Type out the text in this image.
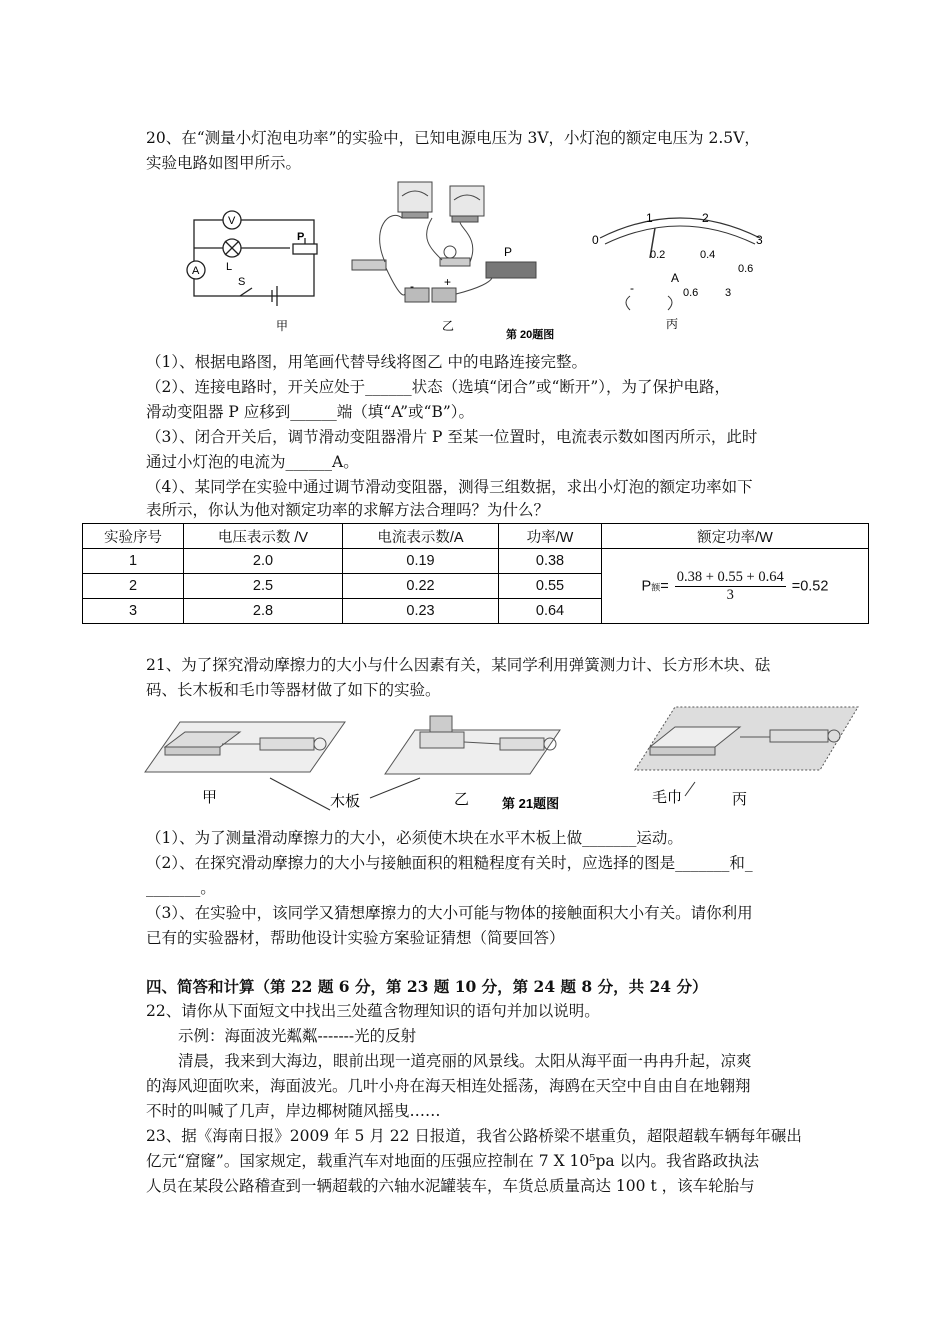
20、在“测量小灯泡电功率”的实验中，已知电源电压为 3V，小灯泡的额定电压为 2.5V，
实验电路如图甲所示。
V
A L
S
P
甲
-	+
P
乙
第 20题图
0
1	2
3
0.2	0.4
0.6
A
0.6 3
-
丙
（1）、根据电路图，用笔画代替导线将图乙 中的电路连接完整。
（2）、连接电路时，开关应处于______状态（选填“闭合”或“断开”），为了保护电路，
滑动变阻器 P 应移到______端（填“A”或“B”）。
（3）、闭合开关后，调节滑动变阻器滑片 P 至某一位置时，电流表示数如图丙所示，此时
通过小灯泡的电流为______A。
（4）、某同学在实验中通过调节滑动变阻器，测得三组数据，求出小灯泡的额定功率如下
表所示，你认为他对额定功率的求解方法合理吗？为什么？
实验序号	电压表示数 /V	电流表示数/A	功率/W	额定功率/W
1	2.0	0.19	0.38	P额= $\frac{0.38 + 0.55 + 0.64}{3} =0.52$
2	2.5	0.22	0.55	
3	2.8	0.23	0.64	
21、为了探究滑动摩擦力的大小与什么因素有关，某同学利用弹簧测力计、长方形木块、砝
码、长木板和毛巾等器材做了如下的实验。
甲	木板	乙	第 21题图	毛巾	丙
（1）、为了测量滑动摩擦力的大小，必须使木块在水平木板上做_______运动。
（2）、在探究滑动摩擦力的大小与接触面积的粗糙程度有关时，应选择的图是_______和_
_______。
（3）、在实验中，该同学又猜想摩擦力的大小可能与物体的接触面积大小有关。请你利用
已有的实验器材，帮助他设计实验方案验证猜想（简要回答）
四、简答和计算（第 22 题 6 分，第 23 题 10 分，第 24 题 8 分，共 24 分）
22、请你从下面短文中找出三处蕴含物理知识的语句并加以说明。
示例：海面波光粼粼-------光的反射
清晨，我来到大海边，眼前出现一道亮丽的风景线。太阳从海平面一冉冉升起，凉爽
的海风迎面吹来，海面波光。几叶小舟在海天相连处摇荡，海鸥在天空中自由自在地翱翔
不时的叫喊了几声，岸边椰树随风摇曳……
23、据《海南日报》2009 年 5 月 22 日报道，我省公路桥梁不堪重负，超限超载车辆每年碾出
亿元“窟窿”。国家规定，载重汽车对地面的压强应控制在 7 X 10⁵pa 以内。我省路政执法
人员在某段公路稽查到一辆超载的六轴水泥罐装车，车货总质量高达 100 t ，该车轮胎与
